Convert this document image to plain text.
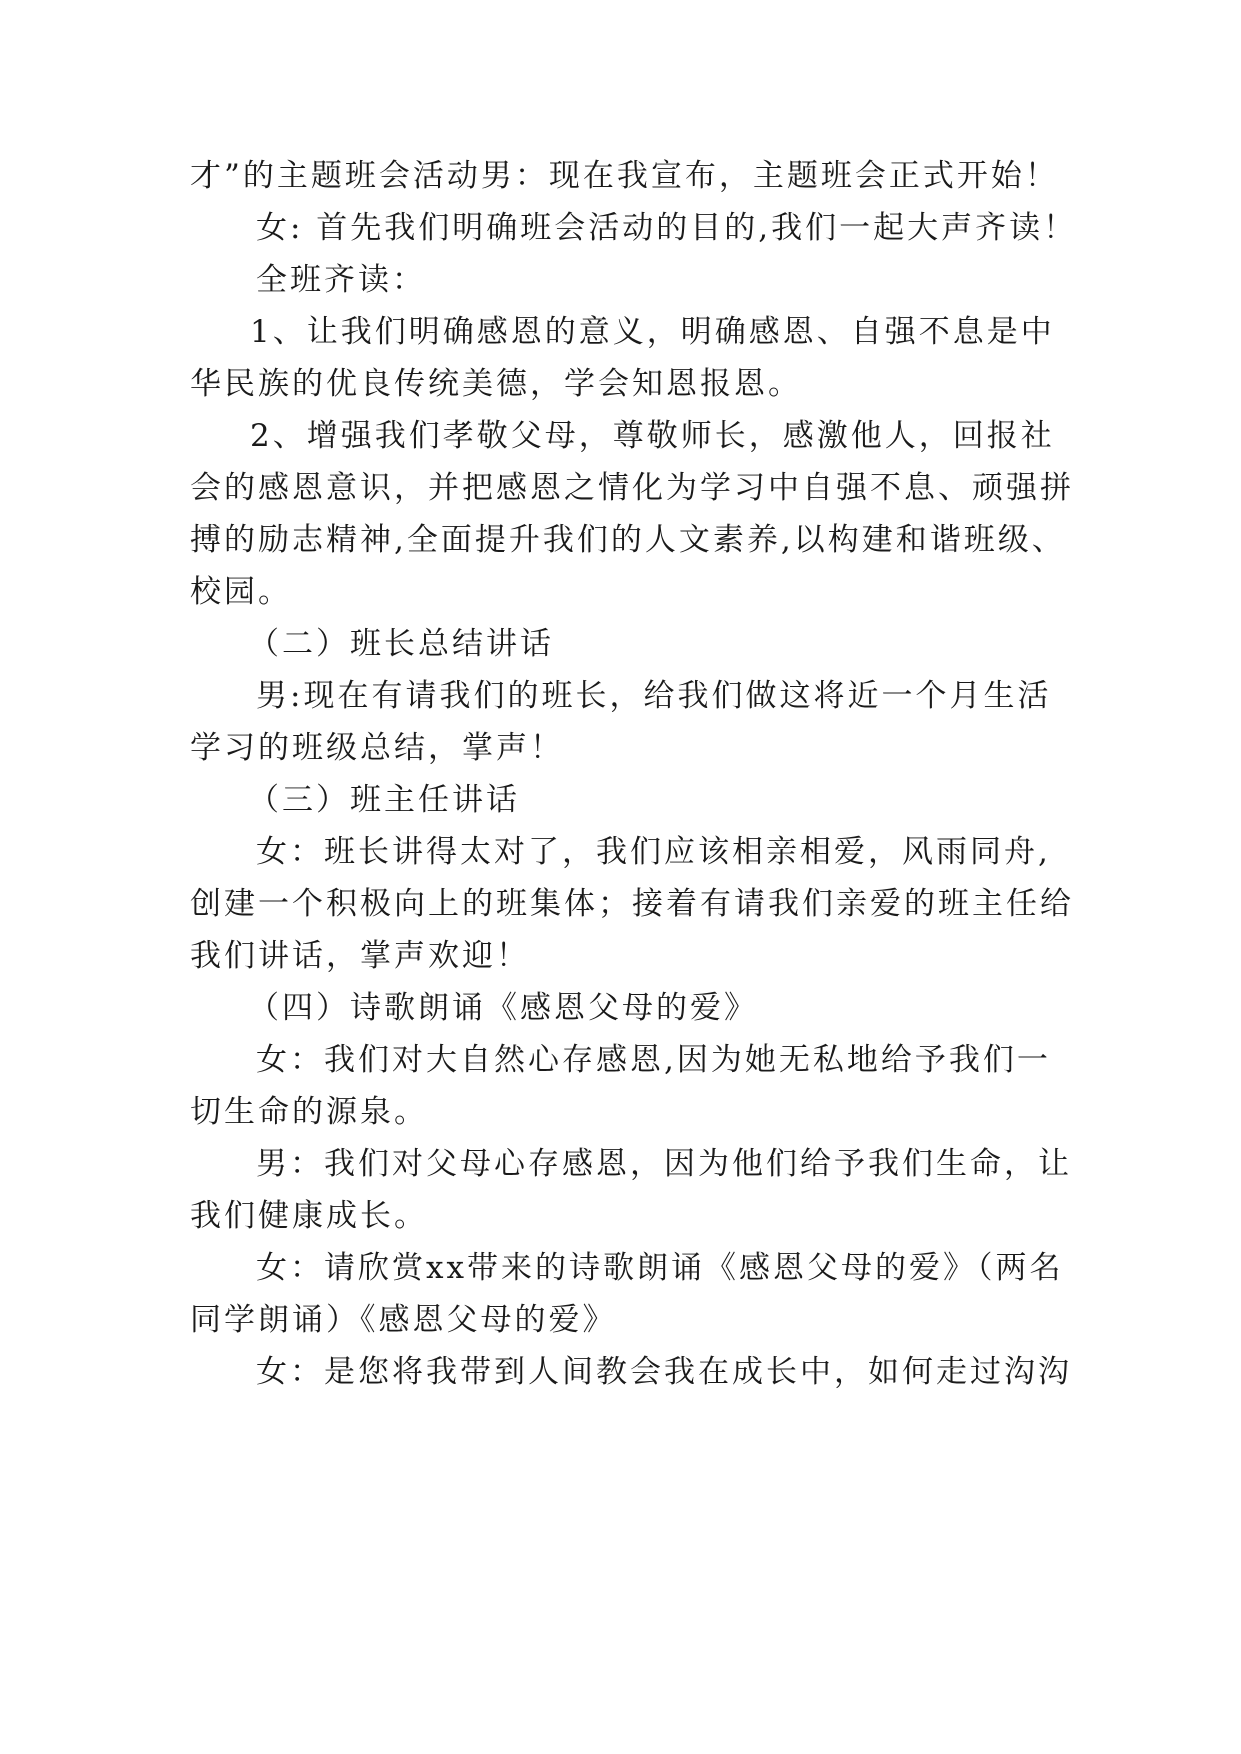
才”的主题班会活动男：现在我宣布，主题班会正式开始！
女: 首先我们明确班会活动的目的,我们一起大声齐读！
全班齐读：
1、让我们明确感恩的意义，明确感恩、自强不息是中
华民族的优良传统美德，学会知恩报恩。
2、增强我们孝敬父母，尊敬师长，感激他人，回报社
会的感恩意识，并把感恩之情化为学习中自强不息、顽强拼
搏的励志精神,全面提升我们的人文素养,以构建和谐班级、
校园。
（二）班长总结讲话
男:现在有请我们的班长，给我们做这将近一个月生活
学习的班级总结，掌声！
（三）班主任讲话
女：班长讲得太对了，我们应该相亲相爱，风雨同舟,
创建一个积极向上的班集体；接着有请我们亲爱的班主任给
我们讲话，掌声欢迎！
（四）诗歌朗诵《感恩父母的爱》
女：我们对大自然心存感恩,因为她无私地给予我们一
切生命的源泉。
男：我们对父母心存感恩，因为他们给予我们生命，让
我们健康成长。
女：请欣赏xx带来的诗歌朗诵《感恩父母的爱》（两名
同学朗诵）《感恩父母的爱》
女：是您将我带到人间教会我在成长中，如何走过沟沟
